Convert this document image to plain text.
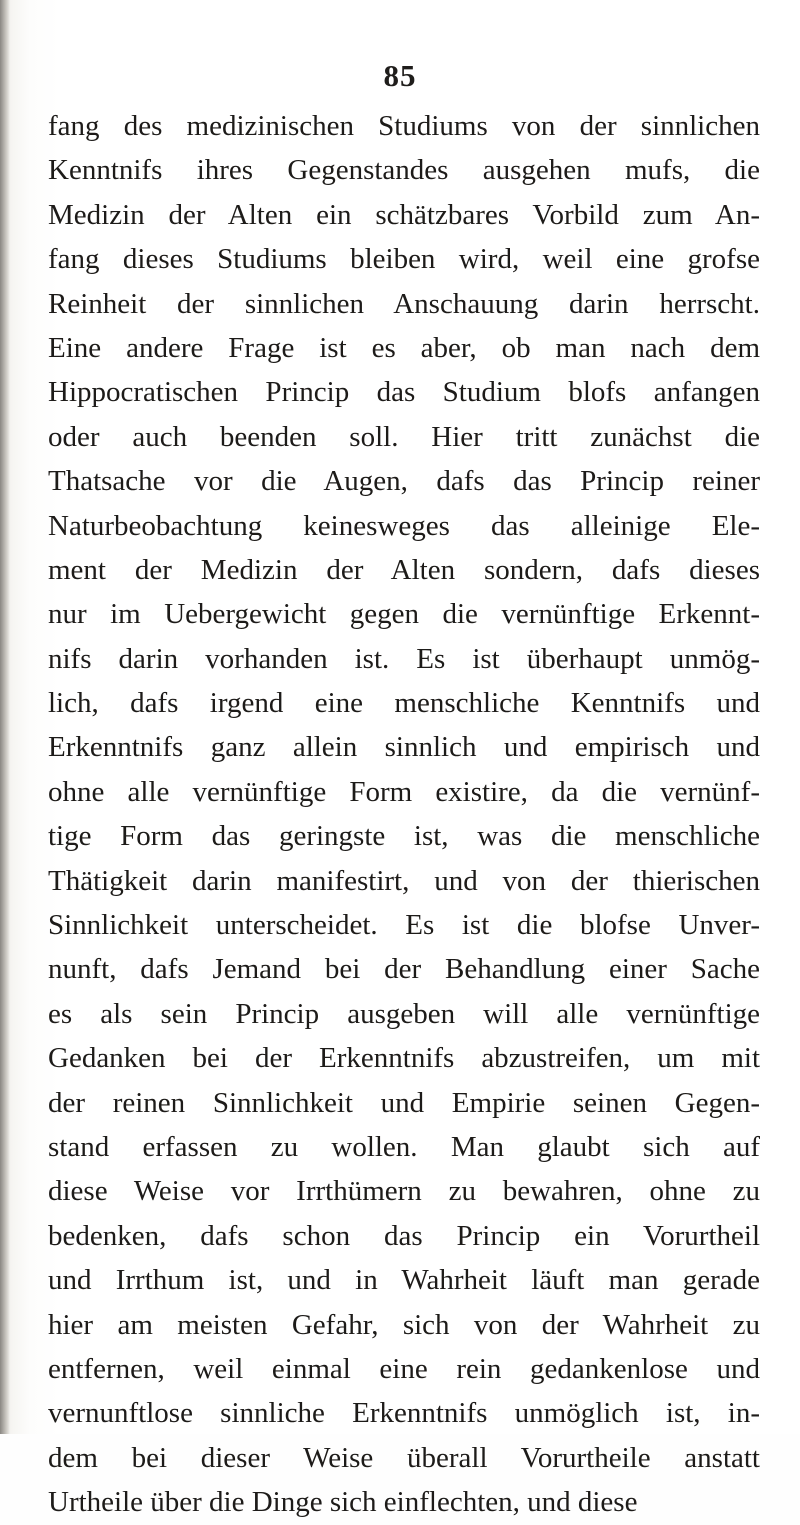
85
fang des medizinischen Studiums von der sinnlichen
Kenntnifs ihres Gegenstandes ausgehen mufs, die
Medizin der Alten ein schätzbares Vorbild zum An-
fang dieses Studiums bleiben wird, weil eine grofse
Reinheit der sinnlichen Anschauung darin herrscht.
Eine andere Frage ist es aber, ob man nach dem
Hippocratischen Princip das Studium blofs anfangen
oder auch beenden soll. Hier tritt zunächst die
Thatsache vor die Augen, dafs das Princip reiner
Naturbeobachtung keinesweges das alleinige Ele-
ment der Medizin der Alten sondern, dafs dieses
nur im Uebergewicht gegen die vernünftige Erkennt-
nifs darin vorhanden ist. Es ist überhaupt unmög-
lich, dafs irgend eine menschliche Kenntnifs und
Erkenntnifs ganz allein sinnlich und empirisch und
ohne alle vernünftige Form existire, da die vernünf-
tige Form das geringste ist, was die menschliche
Thätigkeit darin manifestirt, und von der thierischen
Sinnlichkeit unterscheidet. Es ist die blofse Unver-
nunft, dafs Jemand bei der Behandlung einer Sache
es als sein Princip ausgeben will alle vernünftige
Gedanken bei der Erkenntnifs abzustreifen, um mit
der reinen Sinnlichkeit und Empirie seinen Gegen-
stand erfassen zu wollen. Man glaubt sich auf
diese Weise vor Irrthümern zu bewahren, ohne zu
bedenken, dafs schon das Princip ein Vorurtheil
und Irrthum ist, und in Wahrheit läuft man gerade
hier am meisten Gefahr, sich von der Wahrheit zu
entfernen, weil einmal eine rein gedankenlose und
vernunftlose sinnliche Erkenntnifs unmöglich ist, in-
dem bei dieser Weise überall Vorurtheile anstatt
Urtheile über die Dinge sich einflechten, und diese
